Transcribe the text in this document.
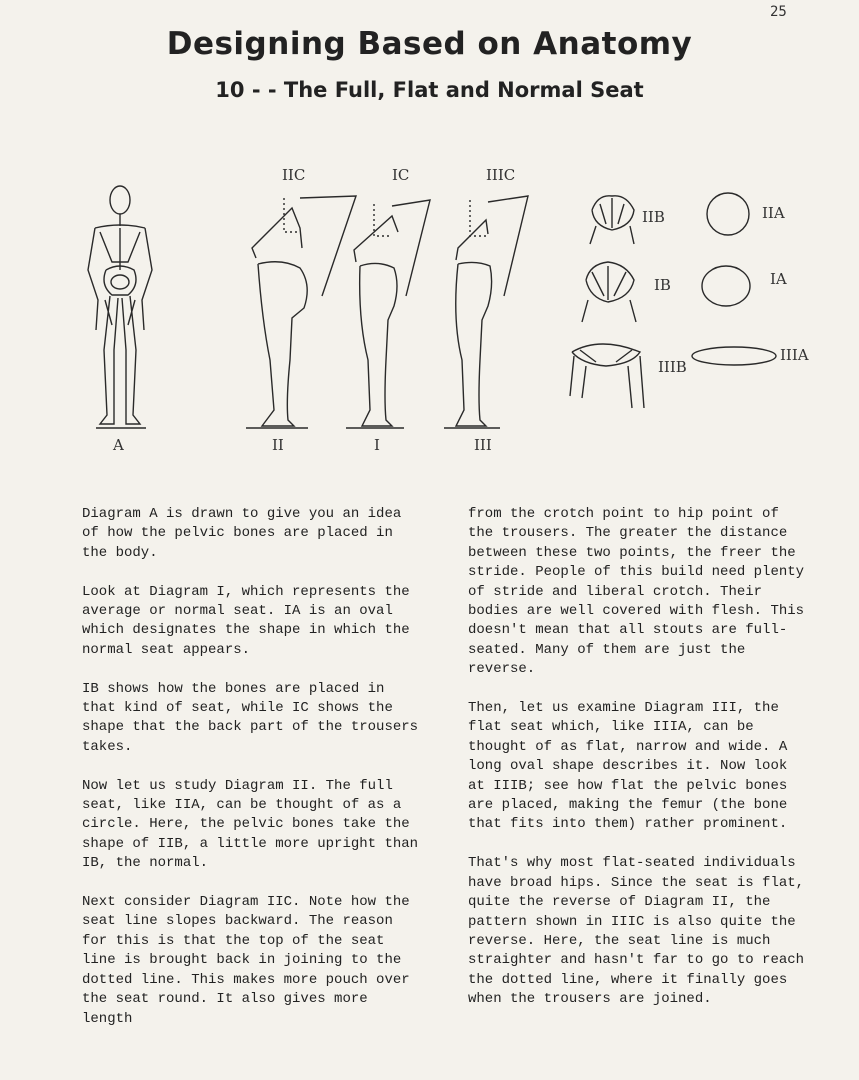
25
Designing Based on Anatomy
10 - - The Full, Flat and Normal Seat
A	II
IIC
I
IC
III
IIIC
IIB
IB
IIIB
IIA
IA
IIIA

Diagram A is drawn to give you an idea of how the pelvic bones are placed in the body.

Look at Diagram I, which represents the average or normal seat. IA is an oval which designates the shape in which the normal seat appears.

IB shows how the bones are placed in that kind of seat, while IC shows the shape that the back part of the trousers takes.

Now let us study Diagram II. The full seat, like IIA, can be thought of as a circle. Here, the pelvic bones take the shape of IIB, a little more upright than IB, the normal.

Next consider Diagram IIC. Note how the seat line slopes backward. The reason for this is that the top of the seat line is brought back in joining to the dotted line. This makes more pouch over the seat round. It also gives more length

from the crotch point to hip point of the trousers. The greater the distance between these two points, the freer the stride. People of this build need plenty of stride and liberal crotch. Their bodies are well covered with flesh. This doesn't mean that all stouts are full-seated. Many of them are just the reverse.

Then, let us examine Diagram III, the flat seat which, like IIIA, can be thought of as flat, narrow and wide. A long oval shape describes it. Now look at IIIB; see how flat the pelvic bones are placed, making the femur (the bone that fits into them) rather prominent.

That's why most flat-seated individuals have broad hips. Since the seat is flat, quite the reverse of Diagram II, the pattern shown in IIIC is also quite the reverse. Here, the seat line is much straighter and hasn't far to go to reach the dotted line, where it finally goes when the trousers are joined.
